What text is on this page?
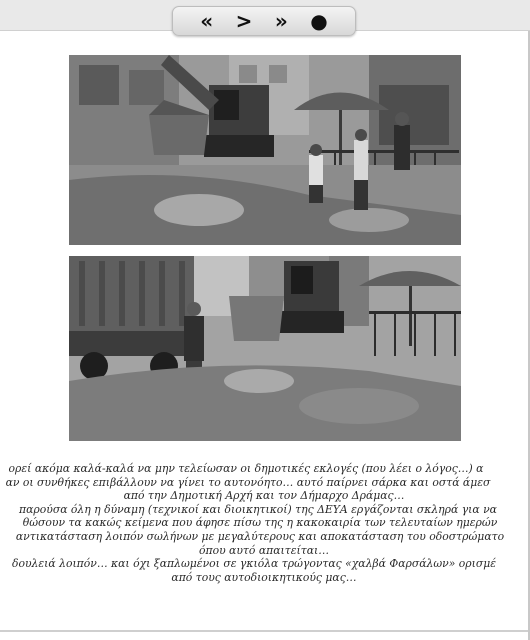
« > » ●
ορεί ακόμα καλά-καλά να μην τελείωσαν οι δημοτικές εκλογές (που λέει ο λόγος…) α
αν οι συνθήκες επιβάλλουν να γίνει το αυτονόητο… αυτό παίρνει σάρκα και οστά άμεσ
από την Δημοτική Αρχή και τον Δήμαρχο Δράμας…
παρούσα όλη η δύναμη (τεχνικοί και διοικητικοί) της ΔΕΥΑ εργάζονται σκληρά για να
θώσουν τα κακώς κείμενα που άφησε πίσω της η κακοκαιρία των τελευταίων ημερών
αντικατάσταση λοιπόν σωλήνων με μεγαλύτερους και αποκατάσταση του οδοστρώματο
όπου αυτό απαιτείται…
δουλειά λοιπόν… και όχι ξαπλωμένοι σε γκιόλα τρώγοντας «χαλβά Φαρσάλων» ορισμέ
από τους αυτοδιοικητικούς μας…
